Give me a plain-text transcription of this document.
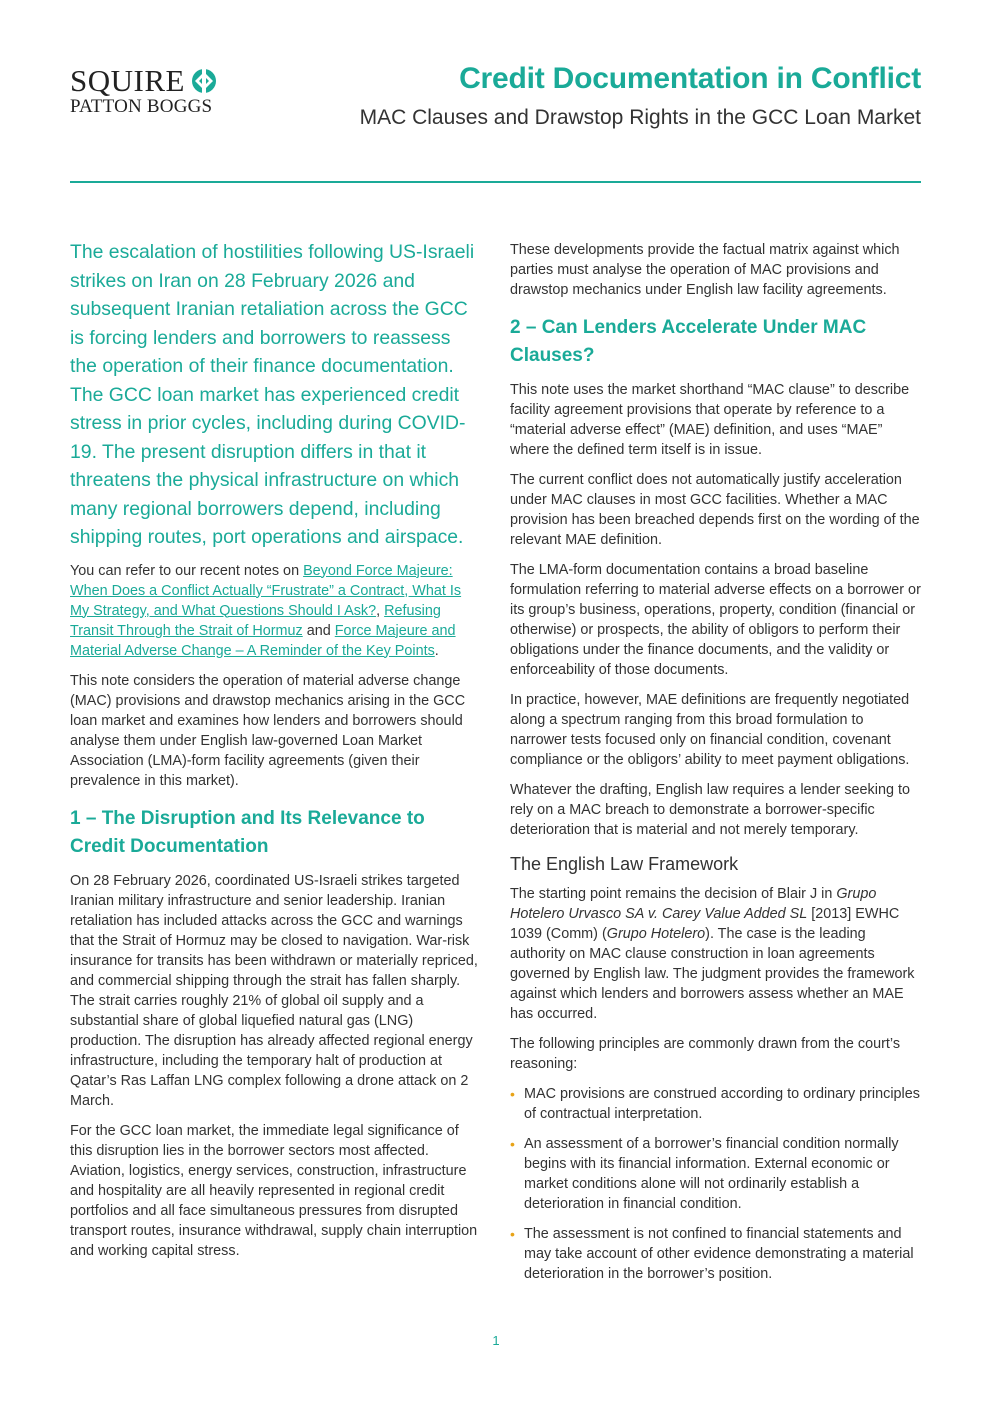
SQUIRE
PATTON BOGGS
Credit Documentation in Conflict
MAC Clauses and Drawstop Rights in the GCC Loan Market

The escalation of hostilities following US-Israeli strikes on Iran on 28 February 2026 and subsequent Iranian retaliation across the GCC is forcing lenders and borrowers to reassess the operation of their finance documentation. The GCC loan market has experienced credit stress in prior cycles, including during COVID-19. The present disruption differs in that it threatens the physical infrastructure on which many regional borrowers depend, including shipping routes, port operations and airspace.

You can refer to our recent notes on Beyond Force Majeure: When Does a Conflict Actually “Frustrate” a Contract, What Is My Strategy, and What Questions Should I Ask?, Refusing Transit Through the Strait of Hormuz and Force Majeure and Material Adverse Change – A Reminder of the Key Points.

This note considers the operation of material adverse change (MAC) provisions and drawstop mechanics arising in the GCC loan market and examines how lenders and borrowers should analyse them under English law-governed Loan Market Association (LMA)-form facility agreements (given their prevalence in this market).

1 – The Disruption and Its Relevance to Credit Documentation

On 28 February 2026, coordinated US-Israeli strikes targeted Iranian military infrastructure and senior leadership. Iranian retaliation has included attacks across the GCC and warnings that the Strait of Hormuz may be closed to navigation. War-risk insurance for transits has been withdrawn or materially repriced, and commercial shipping through the strait has fallen sharply. The strait carries roughly 21% of global oil supply and a substantial share of global liquefied natural gas (LNG) production. The disruption has already affected regional energy infrastructure, including the temporary halt of production at Qatar’s Ras Laffan LNG complex following a drone attack on 2 March.

For the GCC loan market, the immediate legal significance of this disruption lies in the borrower sectors most affected. Aviation, logistics, energy services, construction, infrastructure and hospitality are all heavily represented in regional credit portfolios and all face simultaneous pressures from disrupted transport routes, insurance withdrawal, supply chain interruption and working capital stress.

These developments provide the factual matrix against which parties must analyse the operation of MAC provisions and drawstop mechanics under English law facility agreements.

2 – Can Lenders Accelerate Under MAC Clauses?

This note uses the market shorthand “MAC clause” to describe facility agreement provisions that operate by reference to a “material adverse effect” (MAE) definition, and uses “MAE” where the defined term itself is in issue.

The current conflict does not automatically justify acceleration under MAC clauses in most GCC facilities. Whether a MAC provision has been breached depends first on the wording of the relevant MAE definition.

The LMA-form documentation contains a broad baseline formulation referring to material adverse effects on a borrower or its group’s business, operations, property, condition (financial or otherwise) or prospects, the ability of obligors to perform their obligations under the finance documents, and the validity or enforceability of those documents.

In practice, however, MAE definitions are frequently negotiated along a spectrum ranging from this broad formulation to narrower tests focused only on financial condition, covenant compliance or the obligors’ ability to meet payment obligations.

Whatever the drafting, English law requires a lender seeking to rely on a MAC breach to demonstrate a borrower-specific deterioration that is material and not merely temporary.

The English Law Framework

The starting point remains the decision of Blair J in Grupo Hotelero Urvasco SA v. Carey Value Added SL [2013] EWHC 1039 (Comm) (Grupo Hotelero). The case is the leading authority on MAC clause construction in loan agreements governed by English law. The judgment provides the framework against which lenders and borrowers assess whether an MAE has occurred.

The following principles are commonly drawn from the court’s reasoning:

• MAC provisions are construed according to ordinary principles of contractual interpretation.
• An assessment of a borrower’s financial condition normally begins with its financial information. External economic or market conditions alone will not ordinarily establish a deterioration in financial condition.
• The assessment is not confined to financial statements and may take account of other evidence demonstrating a material deterioration in the borrower’s position.
1
